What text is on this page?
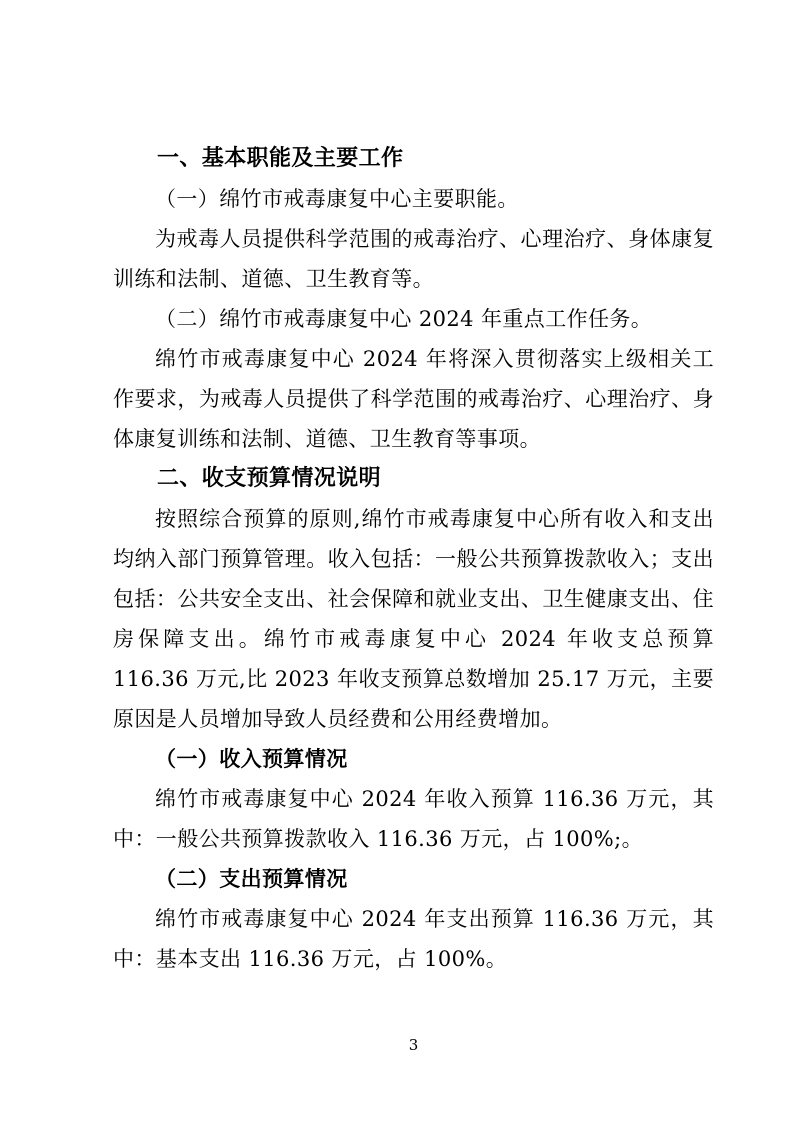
一、基本职能及主要工作

（一）绵竹市戒毒康复中心主要职能。

为戒毒人员提供科学范围的戒毒治疗、心理治疗、身体康复训练和法制、道德、卫生教育等。

（二）绵竹市戒毒康复中心 2024 年重点工作任务。

绵竹市戒毒康复中心 2024 年将深入贯彻落实上级相关工作要求，为戒毒人员提供了科学范围的戒毒治疗、心理治疗、身体康复训练和法制、道德、卫生教育等事项。

二、收支预算情况说明

按照综合预算的原则,绵竹市戒毒康复中心所有收入和支出均纳入部门预算管理。收入包括：一般公共预算拨款收入；支出包括：公共安全支出、社会保障和就业支出、卫生健康支出、住房保障支出。绵竹市戒毒康复中心 2024 年收支总预算 116.36 万元,比 2023 年收支预算总数增加 25.17 万元，主要原因是人员增加导致人员经费和公用经费增加。

（一）收入预算情况

绵竹市戒毒康复中心 2024 年收入预算 116.36 万元，其中：一般公共预算拨款收入 116.36 万元，占 100%;。

（二）支出预算情况

绵竹市戒毒康复中心 2024 年支出预算 116.36 万元，其中：基本支出 116.36 万元，占 100%。

3
